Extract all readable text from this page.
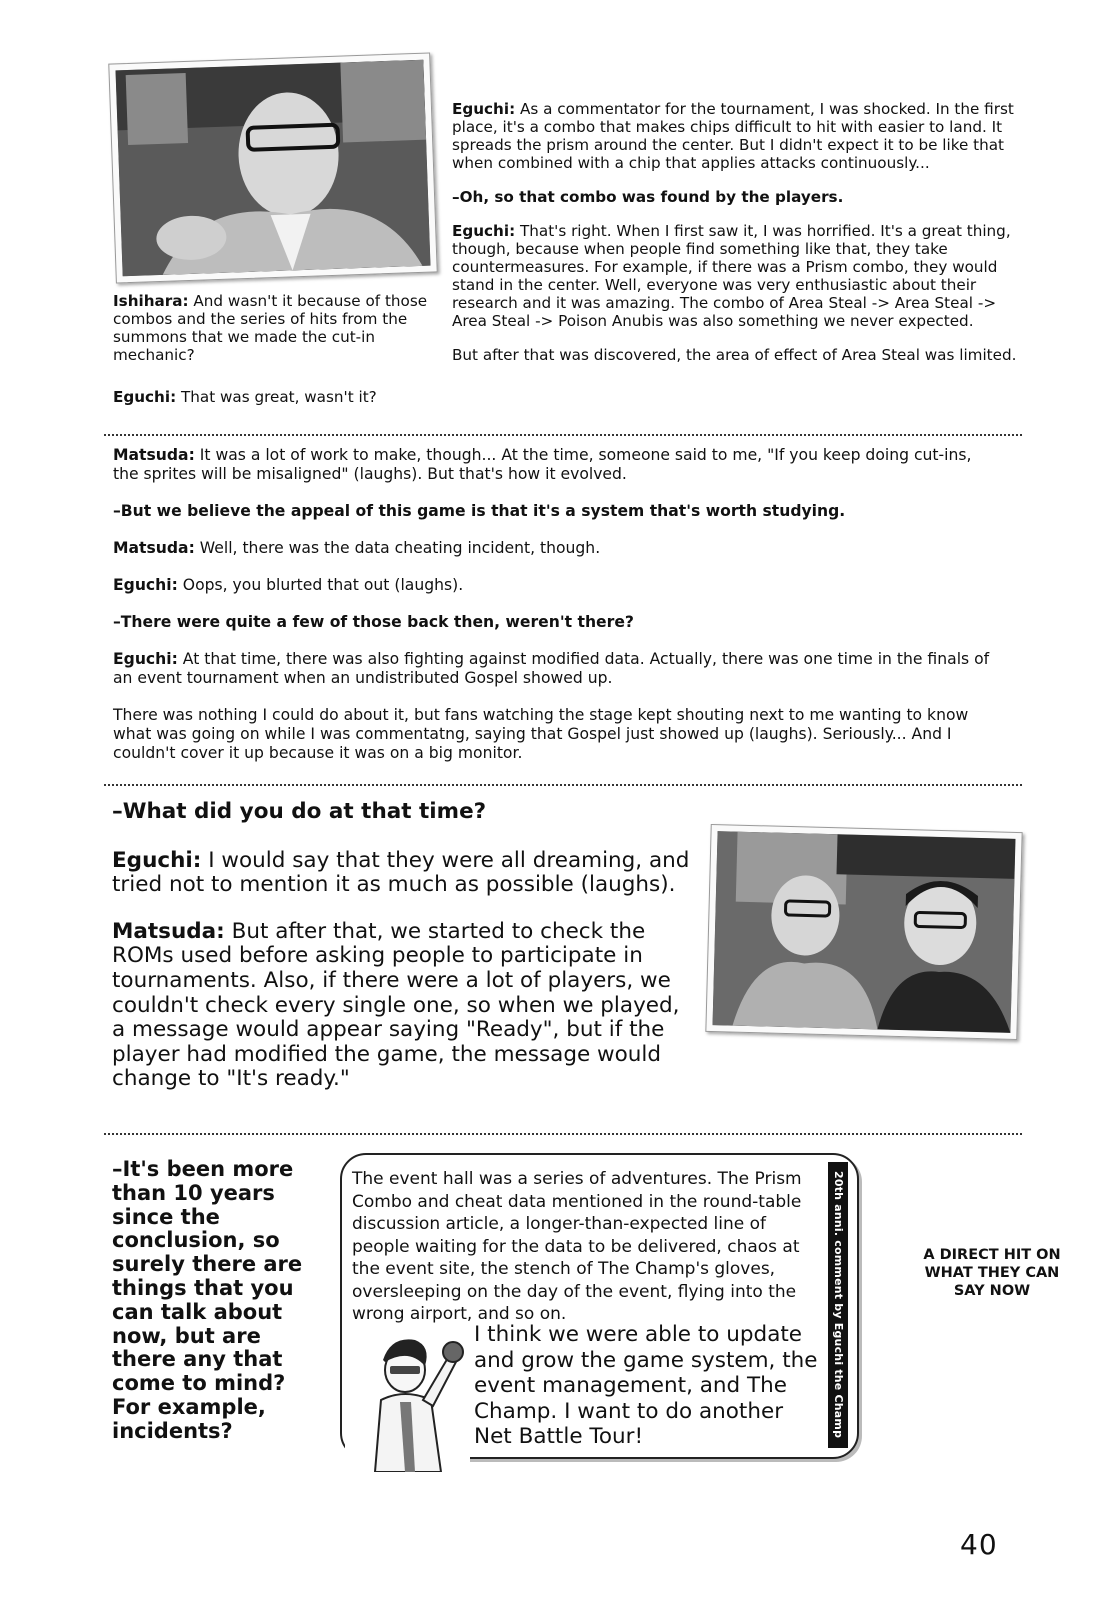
Ishihara: And wasn't it because of those combos and the series of hits from the summons that we made the cut-in mechanic?
Eguchi: That was great, wasn't it?

Eguchi: As a commentator for the tournament, I was shocked. In the first place, it's a combo that makes chips difficult to hit with easier to land. It spreads the prism around the center. But I didn't expect it to be like that when combined with a chip that applies attacks continuously...

–Oh, so that combo was found by the players.

Eguchi: That's right. When I first saw it, I was horrified. It's a great thing, though, because when people find something like that, they take countermeasures. For example, if there was a Prism combo, they would stand in the center. Well, everyone was very enthusiastic about their research and it was amazing. The combo of Area Steal -> Area Steal -> Area Steal -> Poison Anubis was also something we never expected.

But after that was discovered, the area of effect of Area Steal was limited.

Matsuda: It was a lot of work to make, though... At the time, someone said to me, "If you keep doing cut-ins, the sprites will be misaligned" (laughs). But that's how it evolved.

–But we believe the appeal of this game is that it's a system that's worth studying.

Matsuda: Well, there was the data cheating incident, though.

Eguchi: Oops, you blurted that out (laughs).

–There were quite a few of those back then, weren't there?

Eguchi: At that time, there was also fighting against modified data. Actually, there was one time in the finals of an event tournament when an undistributed Gospel showed up.

There was nothing I could do about it, but fans watching the stage kept shouting next to me wanting to know what was going on while I was commentatng, saying that Gospel just showed up (laughs). Seriously... And I couldn't cover it up because it was on a big monitor.

–What did you do at that time?

Eguchi: I would say that they were all dreaming, and tried not to mention it as much as possible (laughs).

Matsuda: But after that, we started to check the ROMs used before asking people to participate in tournaments. Also, if there were a lot of players, we couldn't check every single one, so when we played, a message would appear saying "Ready", but if the player had modified the game, the message would change to "It's ready."

–It's been more than 10 years since the conclusion, so surely there are things that you can talk about now, but are there any that come to mind? For example, incidents?
The event hall was a series of adventures. The Prism Combo and cheat data mentioned in the round-table discussion article, a longer-than-expected line of people waiting for the data to be delivered, chaos at the event site, the stench of The Champ's gloves, oversleeping on the day of the event, flying into the wrong airport, and so on.
I think we were able to update and grow the game system, the event management, and The Champ. I want to do another Net Battle Tour!	20th anni. comment by Eguchi the Champ	A DIRECT HIT ON WHAT THEY CAN SAY NOW
40
